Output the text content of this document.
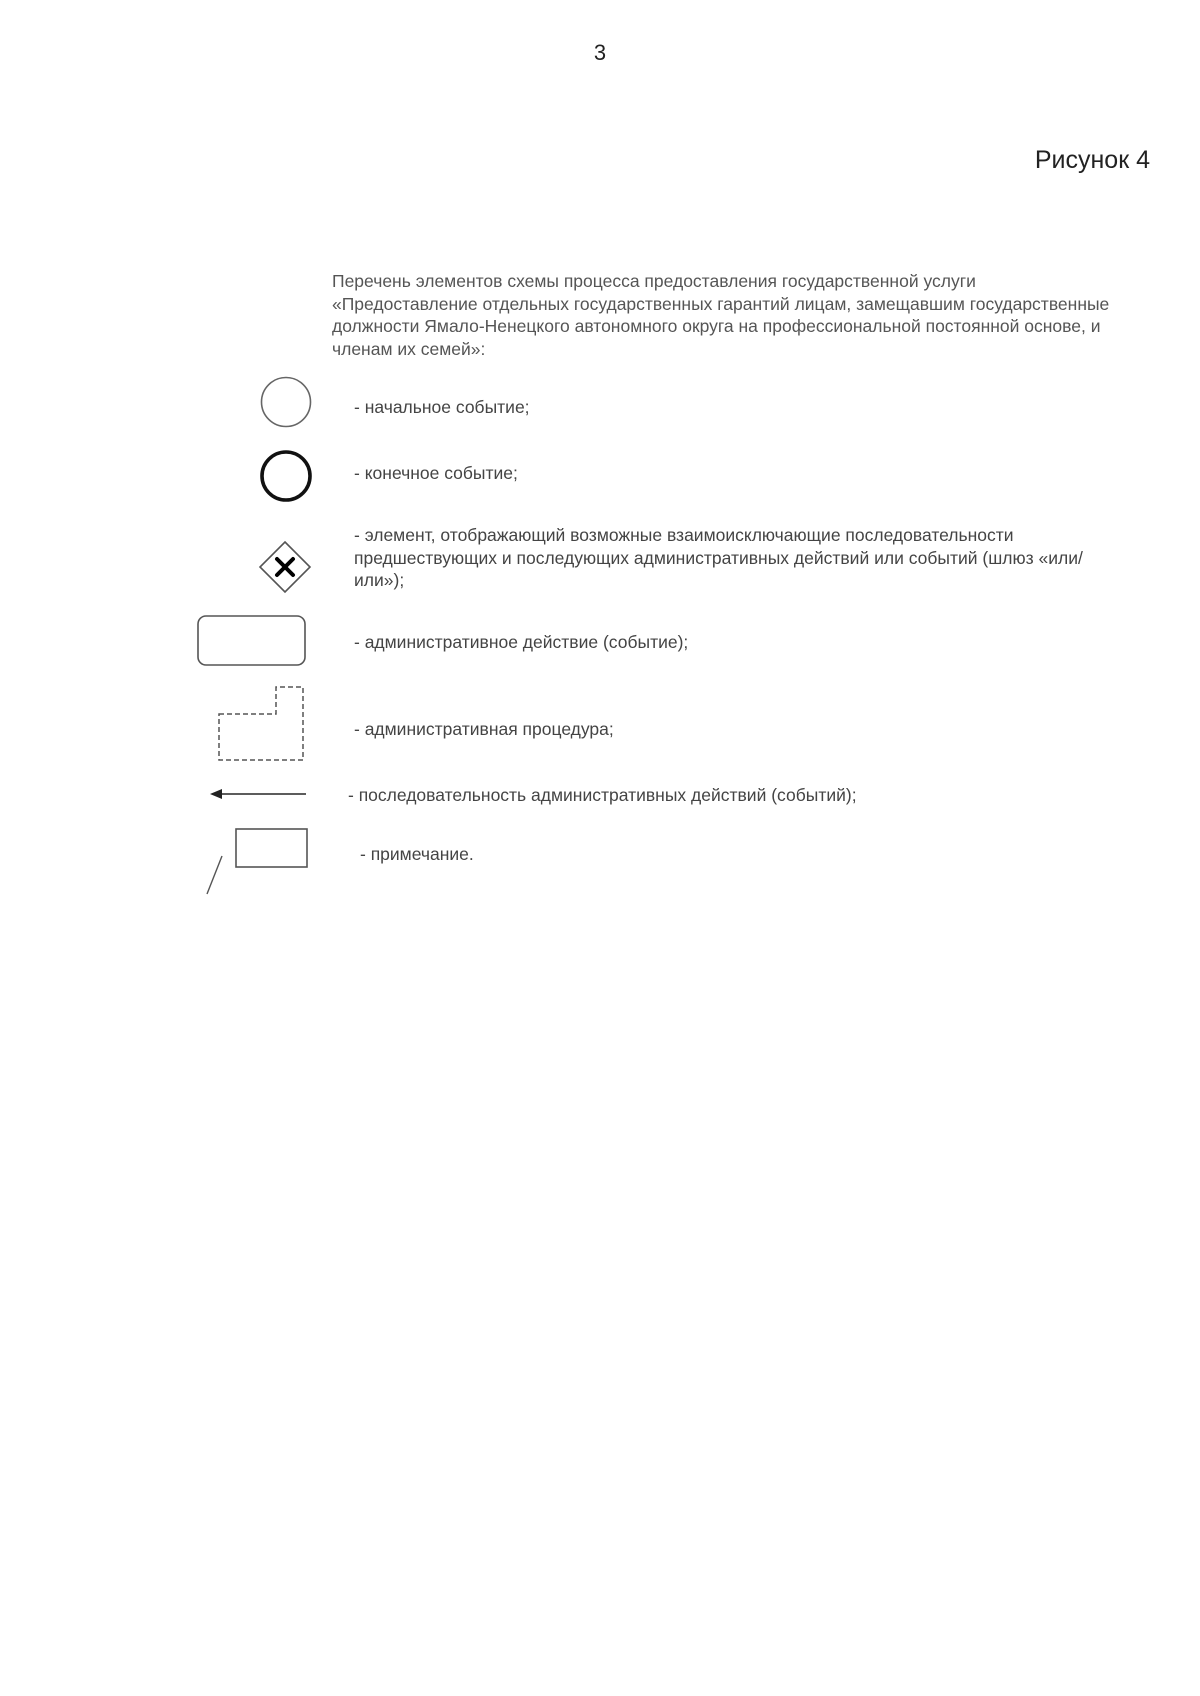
3
Рисунок 4
Перечень элементов схемы процесса предоставления государственной услуги «Предоставление отдельных государственных гарантий лицам, замещавшим государственные должности Ямало-Ненецкого автономного округа на профессиональной постоянной основе, и членам их семей»:
- начальное событие;
- конечное событие;
- элемент, отображающий возможные взаимоисключающие последовательности предшествующих и последующих административных действий или событий (шлюз «или/или»);
- административное действие (событие);
- административная процедура;
- последовательность административных действий (событий);
- примечание.
